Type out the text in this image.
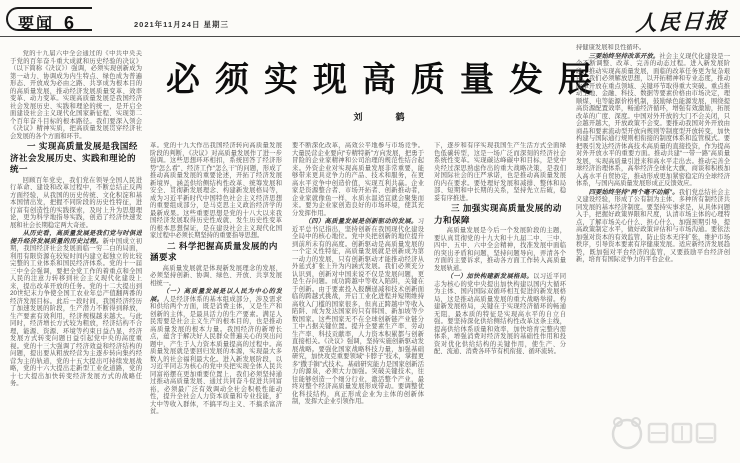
要闻 6	2021年11月24日 星期三	人民日报
必须实现高质量发展
刘　鹤

党的十九届六中全会通过的《中共中央关于党的百年奋斗重大成就和历史经验的决议》（以下简称《决议》）强调，必须实现创新成为第一动力、协调成为内生特点、绿色成为普遍形态、开放成为必由之路、共享成为根本目的的高质量发展，推动经济发展质量变革、效率变革、动力变革。实现高质量发展是我国经济社会发展历史、实践和理论的统一，是开启全面建设社会主义现代化国家新征程、实现第二个百年奋斗目标的根本路径。我们要深入领会《决议》精神实质，把高质量发展贯穿经济社会发展的各个方面和环节。

一 实现高质量发展是我国经济社会发展历史、实践和理论的统一

回顾百年党史，我们党在领导全国人民进行革命、建设和改革过程中，不断总结正反两方面经验，从我国的历史传统、文化积淀和基本国情出发，把握不同阶段的历史性特征，进行富有创造性的实践探索，及时上升为思想理论，更为科学地指导实践，创造了经济快速发展和社会长期稳定两大奇迹。

从历史看，高质量发展是我们党与时俱进提升经济发展质量的历史过程。新中国成立初期，我国经济社会发展面临一穷二白的局面，利用有限资源在较短时间内建立起独立的比较完整的工业体系和国民经济体系。党的十一届三中全会强调，要把全党工作的着重点和全国人民的注意力转移到社会主义现代化建设上来，提出改革开放的任务。党的十二大提出到20世纪末力争使全国工农业年总产值翻两番的经济发展目标。此后一段时间，我国经济经历了加速发展的阶段，生产潜力不断得到释放，生产要素有效利用，经济规模越来越大。与此同时，经济增长方式较为粗放，经济结构不合理，能源、资源、环境等约束日益凸显，经济发展方式转变问题日益引起党中央的高度重视。党的十三大强调了经济效益和经济结构的问题，提出要从粗放经营为主逐步转向集约经营为主的轨道，党的十五大提出可持续发展战略，党的十六大提出走新型工业化道路，党的十七大提出加快转变经济发展方式的战略任务。

革。党的十九大作出我国经济转向高质量发展阶段的判断，《决议》对高质量发展作了进一步强调。这些思想环环相扣，系统回答了经济形势“怎么看”、经济工作“怎么干”的问题，形成了推动高质量发展的重要论述，开拓了经济发展新境界，涵盖供给侧结构性改革、统筹发展和安全、贯彻新发展理念、构建新发展格局等，成为习近平新时代中国特色社会主义经济思想的重要组成部分，是马克思主义政治经济学的最新成果。这些重要思想是党的十八大以来我国经济发展取得历史性成就、发生历史性变革的根本思想保证，是在建设社会主义现代化国家过程中必须长期坚持的重要指导思想。

二 科学把握高质量发展的内涵要求

高质量发展就是体现新发展理念的发展，必须坚持创新、协调、绿色、开放、共享发展相统一。

（一）高质量发展是以人民为中心的发展。人是经济体系的基本组成部分，涉及需求和供给两个方面，既是消费主体，又是生产和创新的主体，是最具活力的生产要素。满足人民需要是社会主义生产的根本目的，也是推动高质量发展的根本力量。我国经济的新增长点，蕴含于解决好人民群众普遍关心的突出问题中，产生于人力资本质量提高的过程中。高质量发展就是要回归发展的本源，实现最大多数人的社会福利最大化。进入新发展阶段，以习近平同志为核心的党中央把实现全体人民共同富裕摆在更加重要位置上，我们必须坚持通过推动高质量发展、通过共同奋斗促进共同富裕，必须最广泛有效调动全社会积极性能动性，提升全社会人力资本质量和专业技能，扩大中等收入群体，不搞平均主义、不搞杀富济贫。

要不断深化改革，高效公平地参与市场竞争。大量民营企业要向“专精特新”方向发展，把勇于冒险的企业家精神和公司治理的规范性结合起来。外资企业对实现高质量发展非常重要，能够带来更具竞争力的产品、技术和服务，在更高水平竞争中创造价值，实现互利共赢。企业家是资源整合者、市场开拓者、创新推动者，企业家就像鱼一样，水质水温适宜就会聚集而来。要为企业家创造良好的市场环境，使其充分发挥作用。

（四）高质量发展是创新驱动的发展。习近平总书记指出，坚持创新在我国现代化建设全局中的核心地位。党中央把创新的地位提升到前所未有的高度。创新驱动是高质量发展的一个定义性特征，高质量发展就是创新成为第一动力的发展，只有创新驱动才能推动经济从外延式扩张上升为内涵式发展。我们必须充分认识到，创新对中国来说不仅是发展问题，更是生存问题。成功跨越中等收入陷阱，关键在于创新。由于要素投入报酬递减和技术创新面临的跨越式挑战，开启工业化进程并短期维持高收入门槛的国家很多，但真正跨越中等收入陷阱、成为发达国家的只有韩国、新加坡等少数国家。这些国家无不在全球创新链产业链分工中占据关键位置。提升全要素生产率、劳动生产率、科技贡献率，人力资本积累都与创新直接相关。《决议》强调，坚持实施创新驱动发展战略。要强化国家战略科技力量，加强基础研究，加快攻克重要领域“卡脖子”技术，掌握更多“撒手锏”式技术。基础研究能力是国家创新活力的源泉，必须大力加强。突破关键技术，往往能够创造一个细分行业，激活整个产业，最终对整个经济高质量发展形成带动。要调整优化科技结构，真正形成企业为主体的创新体制，发挥大企业引领作用。

下，逐步和有序实现我国生产生活方式全面绿色低碳转型，这是一场广泛而深刻的经济社会系统性变革。实现碳达峰碳中和目标，是党中央经过深思熟虑作出的重大战略决策，是我们对国际社会的庄严承诺，也是推动高质量发展的内在要求。要处理好发展和减排、整体和局部、短期和中长期的关系，坚持先立后破，稳妥有序推进。

三 加强实现高质量发展的动力和保障

高质量发展是今后一个发展阶段的主题，要认真贯彻党的十九大和十九届二中、三中、四中、五中、六中全会精神，找准发展中面临的突出矛盾和问题，坚持问题导向，弄清各个方面的主要诉求，推动各方面工作转入高质量发展轨道。

（一）加快构建新发展格局。以习近平同志为核心的党中央提出加快构建以国内大循环为主体、国内国际双循环相互促进的新发展格局，这是推动高质量发展的重大战略举措。构建新发展格局，关键在于实现经济循环的畅通无阻，最本质的特征是实现高水平的自立自强。要坚持深化供给侧结构性改革这条主线，提高供给体系质量和效率，加快培育完整内需体系，增强消费对经济发展的基础性作用和投资对优化供给结构的关键作用，使生产、分配、流通、消费各环节有机衔接、循环流转。

持健康发展和良性循环。

三要始终坚持改革开放。社会主义现代化建设是一个不断调整、改革、完善的动态过程。进入新发展阶段，推动实现高质量发展，面临的改革任务更为复杂艰巨，我们必须解放思想，以开拓精神和专业态度，推动改革开放在重点领域、关键环节取得重大突破。重点推动土地、金融、科技、数据等要素价格由市场决定，理顺煤、电等能源价格机制，鼓励绿色能源发展，围绕提高资源配置效率，畅通经济循环，增强有效激励，拓展改革的广度、深度。中国对外开放的大门不会关闭，只会越开越大，开放政策不会变。要推动我国对外开放由商品和要素流动型开放向规则等制度型开放转变，加快构建与国际通行规则相衔接的制度体系和监管模式。要把吸引发达经济体高技术高质量的直接投资，作为提高对外开放水平的重要方面。推动共建“一带一路”高质量发展，实现高质量引进来和高水平走出去。推动完善全球经济治理体系，高举经济全球化大旗，商谈和积极加入高水平自贸协定，推动形成更加紧密稳定的全球经济体系，与国内高质量发展形成正反馈效应。

四要始终坚持“两个毫不动摇”。我们党总结社会主义建设经验，形成了公有制为主体、多种所有制经济共同发展的基本经济制度。要坚持实事求是，从具体问题入手，把握好政策界限和尺度，认清市场主体的心理特点，了解市场关心什么、担心什么，加强预期引导，提高政策制定水平，做好政策评估和与市场沟通。要依法加强对资本的有效监管，防止资本无序扩张，维护市场秩序，引导资本要素有序健康发展。适应新经济发展趋势，既加强对平台经济的监管，又要鼓励平台经济创新，培育有国际竞争力的平台企业。
